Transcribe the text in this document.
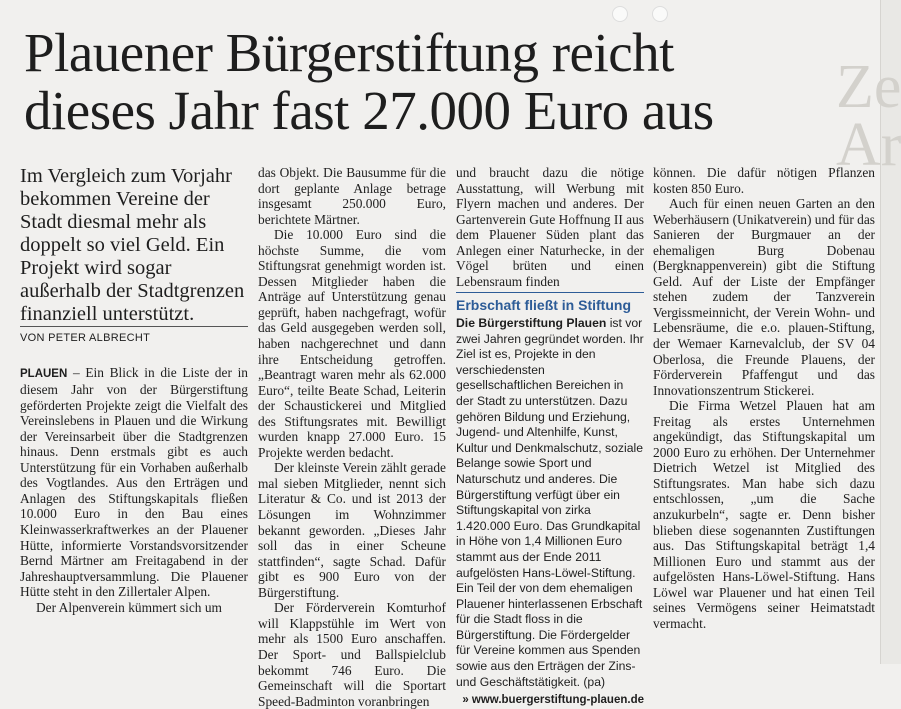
Ze
Ar
Plauener Bürgerstiftung reicht
dieses Jahr fast 27.000 Euro aus

Im Vergleich zum Vorjahr bekommen Vereine der Stadt diesmal mehr als doppelt so viel Geld. Ein Projekt wird sogar außerhalb der Stadtgrenzen finanziell unterstützt.

VON PETER ALBRECHT

PLAUEN – Ein Blick in die Liste der in diesem Jahr von der Bürgerstiftung geförderten Projekte zeigt die Vielfalt des Vereinslebens in Plauen und die Wirkung der Vereinsarbeit über die Stadtgrenzen hinaus. Denn erstmals gibt es auch Unterstützung für ein Vorhaben außerhalb des Vogtlandes. Aus den Erträgen und Anlagen des Stiftungskapitals fließen 10.000 Euro in den Bau eines Kleinwasserkraftwerkes an der Plauener Hütte, informierte Vorstandsvorsitzender Bernd Märtner am Freitagabend in der Jahreshauptversammlung. Die Plauener Hütte steht in den Zillertaler Alpen.

Der Alpenverein kümmert sich um

das Objekt. Die Bausumme für die dort geplante Anlage betrage insgesamt 250.000 Euro, berichtete Märtner.

Die 10.000 Euro sind die höchste Summe, die vom Stiftungsrat genehmigt worden ist. Dessen Mitglieder haben die Anträge auf Unterstützung genau geprüft, haben nachgefragt, wofür das Geld ausgegeben werden soll, haben nachgerechnet und dann ihre Entscheidung getroffen. „Beantragt waren mehr als 62.000 Euro“, teilte Beate Schad, Leiterin der Schaustickerei und Mitglied des Stiftungsrates mit. Bewilligt wurden knapp 27.000 Euro. 15 Projekte werden bedacht.

Der kleinste Verein zählt gerade mal sieben Mitglieder, nennt sich Literatur & Co. und ist 2013 der Lösungen im Wohnzimmer bekannt geworden. „Dieses Jahr soll das in einer Scheune stattfinden“, sagte Schad. Dafür gibt es 900 Euro von der Bürgerstiftung.

Der Förderverein Komturhof will Klappstühle im Wert von mehr als 1500 Euro anschaffen. Der Sport- und Ballspielclub bekommt 746 Euro. Die Gemeinschaft will die Sportart Speed-Badminton voranbringen

und braucht dazu die nötige Ausstattung, will Werbung mit Flyern machen und anderes. Der Gartenverein Gute Hoffnung II aus dem Plauener Süden plant das Anlegen einer Naturhecke, in der Vögel brüten und einen Lebensraum finden

Erbschaft fließt in Stiftung

Die Bürgerstiftung Plauen ist vor zwei Jahren gegründet worden. Ihr Ziel ist es, Projekte in den verschiedensten gesellschaftlichen Bereichen in der Stadt zu unterstützen. Dazu gehören Bildung und Erziehung, Jugend- und Altenhilfe, Kunst, Kultur und Denkmalschutz, soziale Belange sowie Sport und Naturschutz und anderes. Die Bürgerstiftung verfügt über ein Stiftungskapital von zirka 1.420.000 Euro. Das Grundkapital in Höhe von 1,4 Millionen Euro stammt aus der Ende 2011 aufgelösten Hans-Löwel-Stiftung. Ein Teil der von dem ehemaligen Plauener hinterlassenen Erbschaft für die Stadt floss in die Bürgerstiftung. Die Fördergelder für Vereine kommen aus Spenden sowie aus den Erträgen der Zins- und Geschäftstätigkeit. (pa)

» www.buergerstiftung-plauen.de

können. Die dafür nötigen Pflanzen kosten 850 Euro.

Auch für einen neuen Garten an den Weberhäusern (Unikatverein) und für das Sanieren der Burgmauer an der ehemaligen Burg Dobenau (Bergknappenverein) gibt die Stiftung Geld. Auf der Liste der Empfänger stehen zudem der Tanzverein Vergissmeinnicht, der Verein Wohn- und Lebensräume, die e.o. plauen-Stiftung, der Wemaer Karnevalclub, der SV 04 Oberlosa, die Freunde Plauens, der Förderverein Pfaffengut und das Innovationszentrum Stickerei.

Die Firma Wetzel Plauen hat am Freitag als erstes Unternehmen angekündigt, das Stiftungskapital um 2000 Euro zu erhöhen. Der Unternehmer Dietrich Wetzel ist Mitglied des Stiftungsrates. Man habe sich dazu entschlossen, „um die Sache anzukurbeln“, sagte er. Denn bisher blieben diese sogenannten Zustiftungen aus. Das Stiftungskapital beträgt 1,4 Millionen Euro und stammt aus der aufgelösten Hans-Löwel-Stiftung. Hans Löwel war Plauener und hat einen Teil seines Vermögens seiner Heimatstadt vermacht.
